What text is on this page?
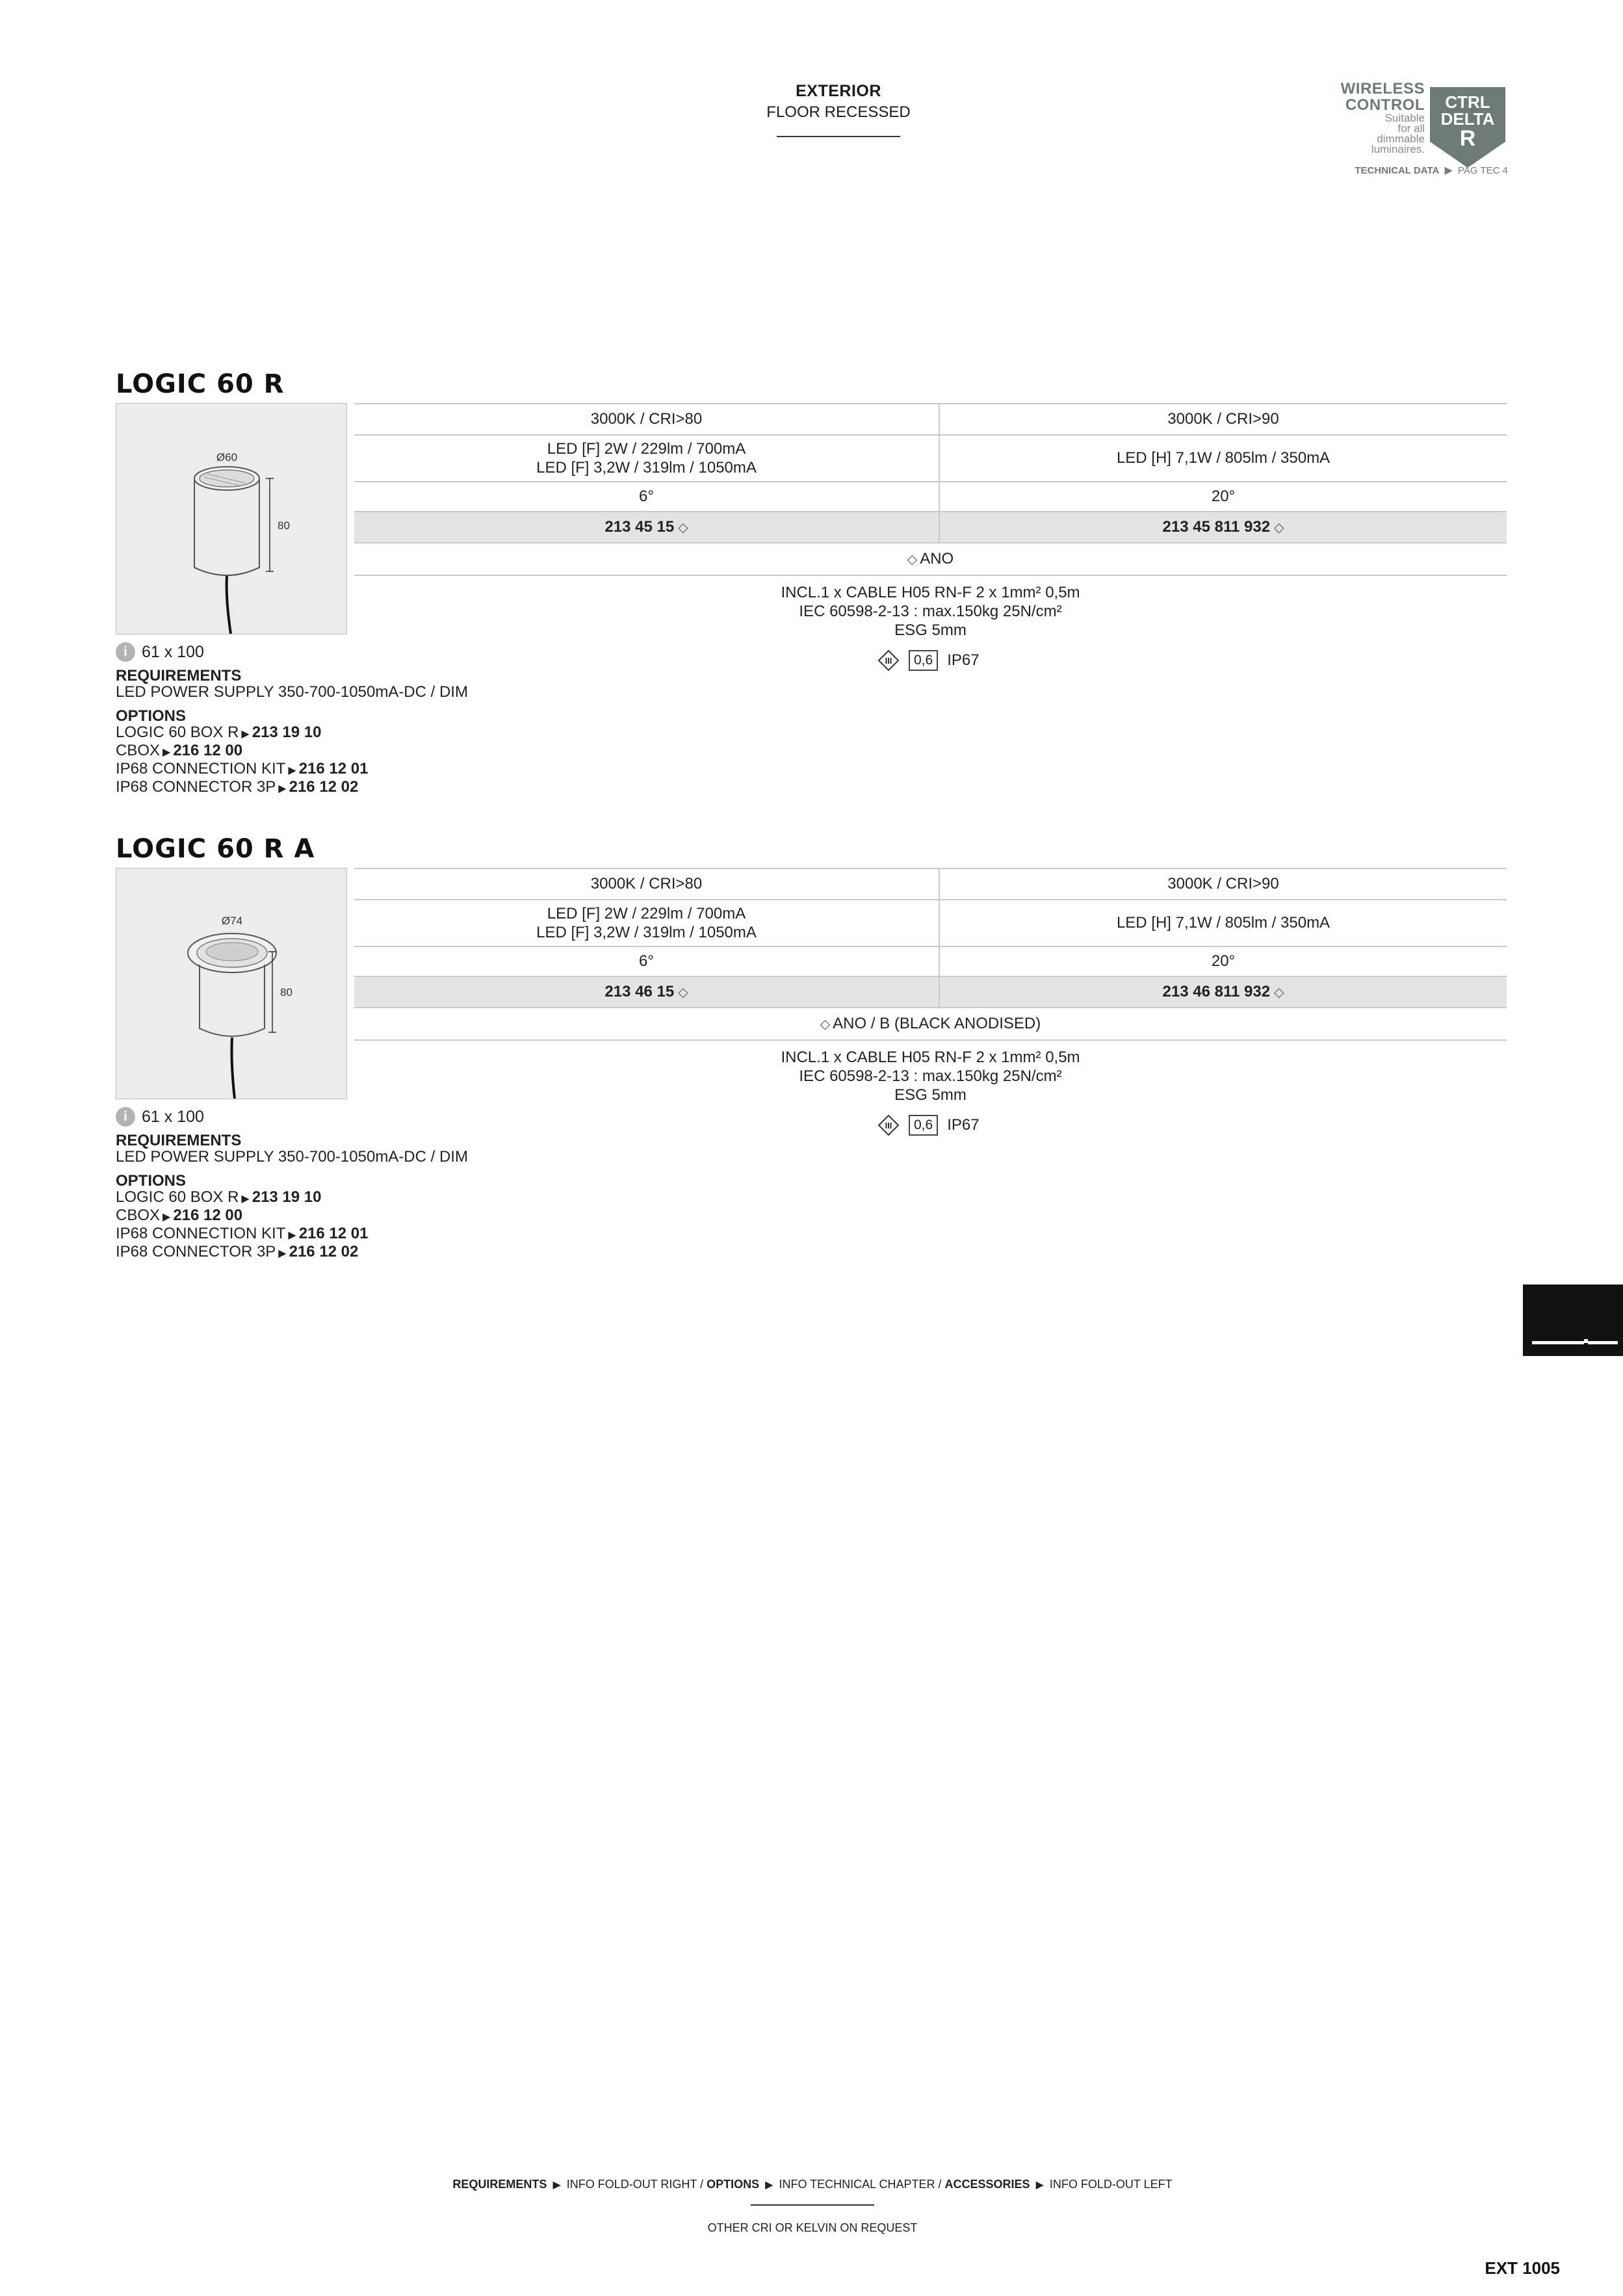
EXTERIOR
FLOOR RECESSED
WIRELESS
CONTROL
Suitable
for all
dimmable
luminaires.
CTRL
DELTA
R
TECHNICAL DATA ▶ PAG TEC 4
LOGIC 60 R
Ø60
80
3000K / CRI>80	3000K / CRI>90

LED [F] 2W / 229lm / 700mA
LED [F] 3,2W / 319lm / 1050mA	LED [H] 7,1W / 805lm / 350mA
6°	20°
213 45 15 ◇	213 45 811 932 ◇
◇ ANO	
INCL.1 x CABLE H05 RN-F 2 x 1mm² 0,5m
IEC 60598-2-13 : max.150kg 25N/cm²
ESG 5mm
III	0,6 IP67
i 61 x 100
REQUIREMENTS
LED POWER SUPPLY 350-700-1050mA-DC / DIM
OPTIONS
LOGIC 60 BOX R ▶ 213 19 10
CBOX ▶ 216 12 00
IP68 CONNECTION KIT ▶ 216 12 01
IP68 CONNECTOR 3P ▶ 216 12 02
LOGIC 60 R A
Ø74
80
3000K / CRI>80	3000K / CRI>90

LED [F] 2W / 229lm / 700mA
LED [F] 3,2W / 319lm / 1050mA	LED [H] 7,1W / 805lm / 350mA
6°	20°
213 46 15 ◇	213 46 811 932 ◇
◇ ANO / B (BLACK ANODISED)	
INCL.1 x CABLE H05 RN-F 2 x 1mm² 0,5m
IEC 60598-2-13 : max.150kg 25N/cm²
ESG 5mm
III	0,6 IP67
i 61 x 100
REQUIREMENTS
LED POWER SUPPLY 350-700-1050mA-DC / DIM
OPTIONS
LOGIC 60 BOX R ▶ 213 19 10
CBOX ▶ 216 12 00
IP68 CONNECTION KIT ▶ 216 12 01
IP68 CONNECTOR 3P ▶ 216 12 02
REQUIREMENTS ▶ INFO FOLD-OUT RIGHT / OPTIONS ▶ INFO TECHNICAL CHAPTER / ACCESSORIES ▶ INFO FOLD-OUT LEFT
OTHER CRI OR KELVIN ON REQUEST
EXT 1005
